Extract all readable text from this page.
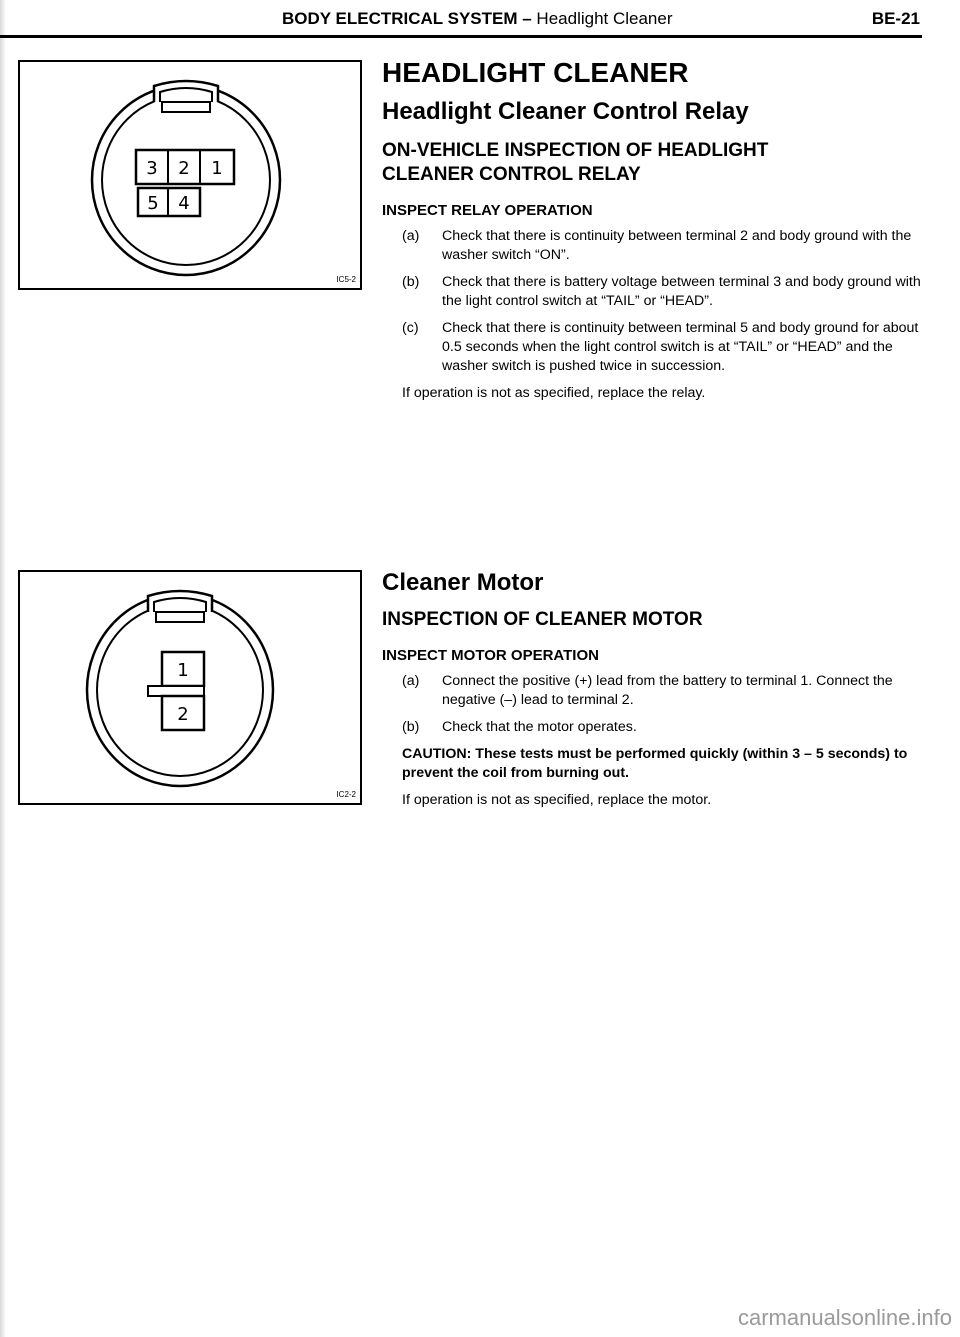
BODY ELECTRICAL SYSTEM – Headlight Cleaner	BE-21
3 2 1
5 4
IC5-2
1
2
IC2-2
HEADLIGHT CLEANER
Headlight Cleaner Control Relay
ON-VEHICLE INSPECTION OF HEADLIGHT
CLEANER CONTROL RELAY
INSPECT RELAY OPERATION
(a) Check that there is continuity between terminal 2 and body ground with the washer switch “ON”.
(b) Check that there is battery voltage between terminal 3 and body ground with the light control switch at “TAIL” or “HEAD”.
(c) Check that there is continuity between terminal 5 and body ground for about 0.5 seconds when the light control switch is at “TAIL” or “HEAD” and the washer switch is pushed twice in succession.
If operation is not as specified, replace the relay.
Cleaner Motor
INSPECTION OF CLEANER MOTOR
INSPECT MOTOR OPERATION
(a) Connect the positive (+) lead from the battery to terminal 1. Connect the negative (–) lead to terminal 2.
(b) Check that the motor operates.
CAUTION: These tests must be performed quickly (within 3 – 5 seconds) to prevent the coil from burning out.
If operation is not as specified, replace the motor.
carmanualsonline.info
